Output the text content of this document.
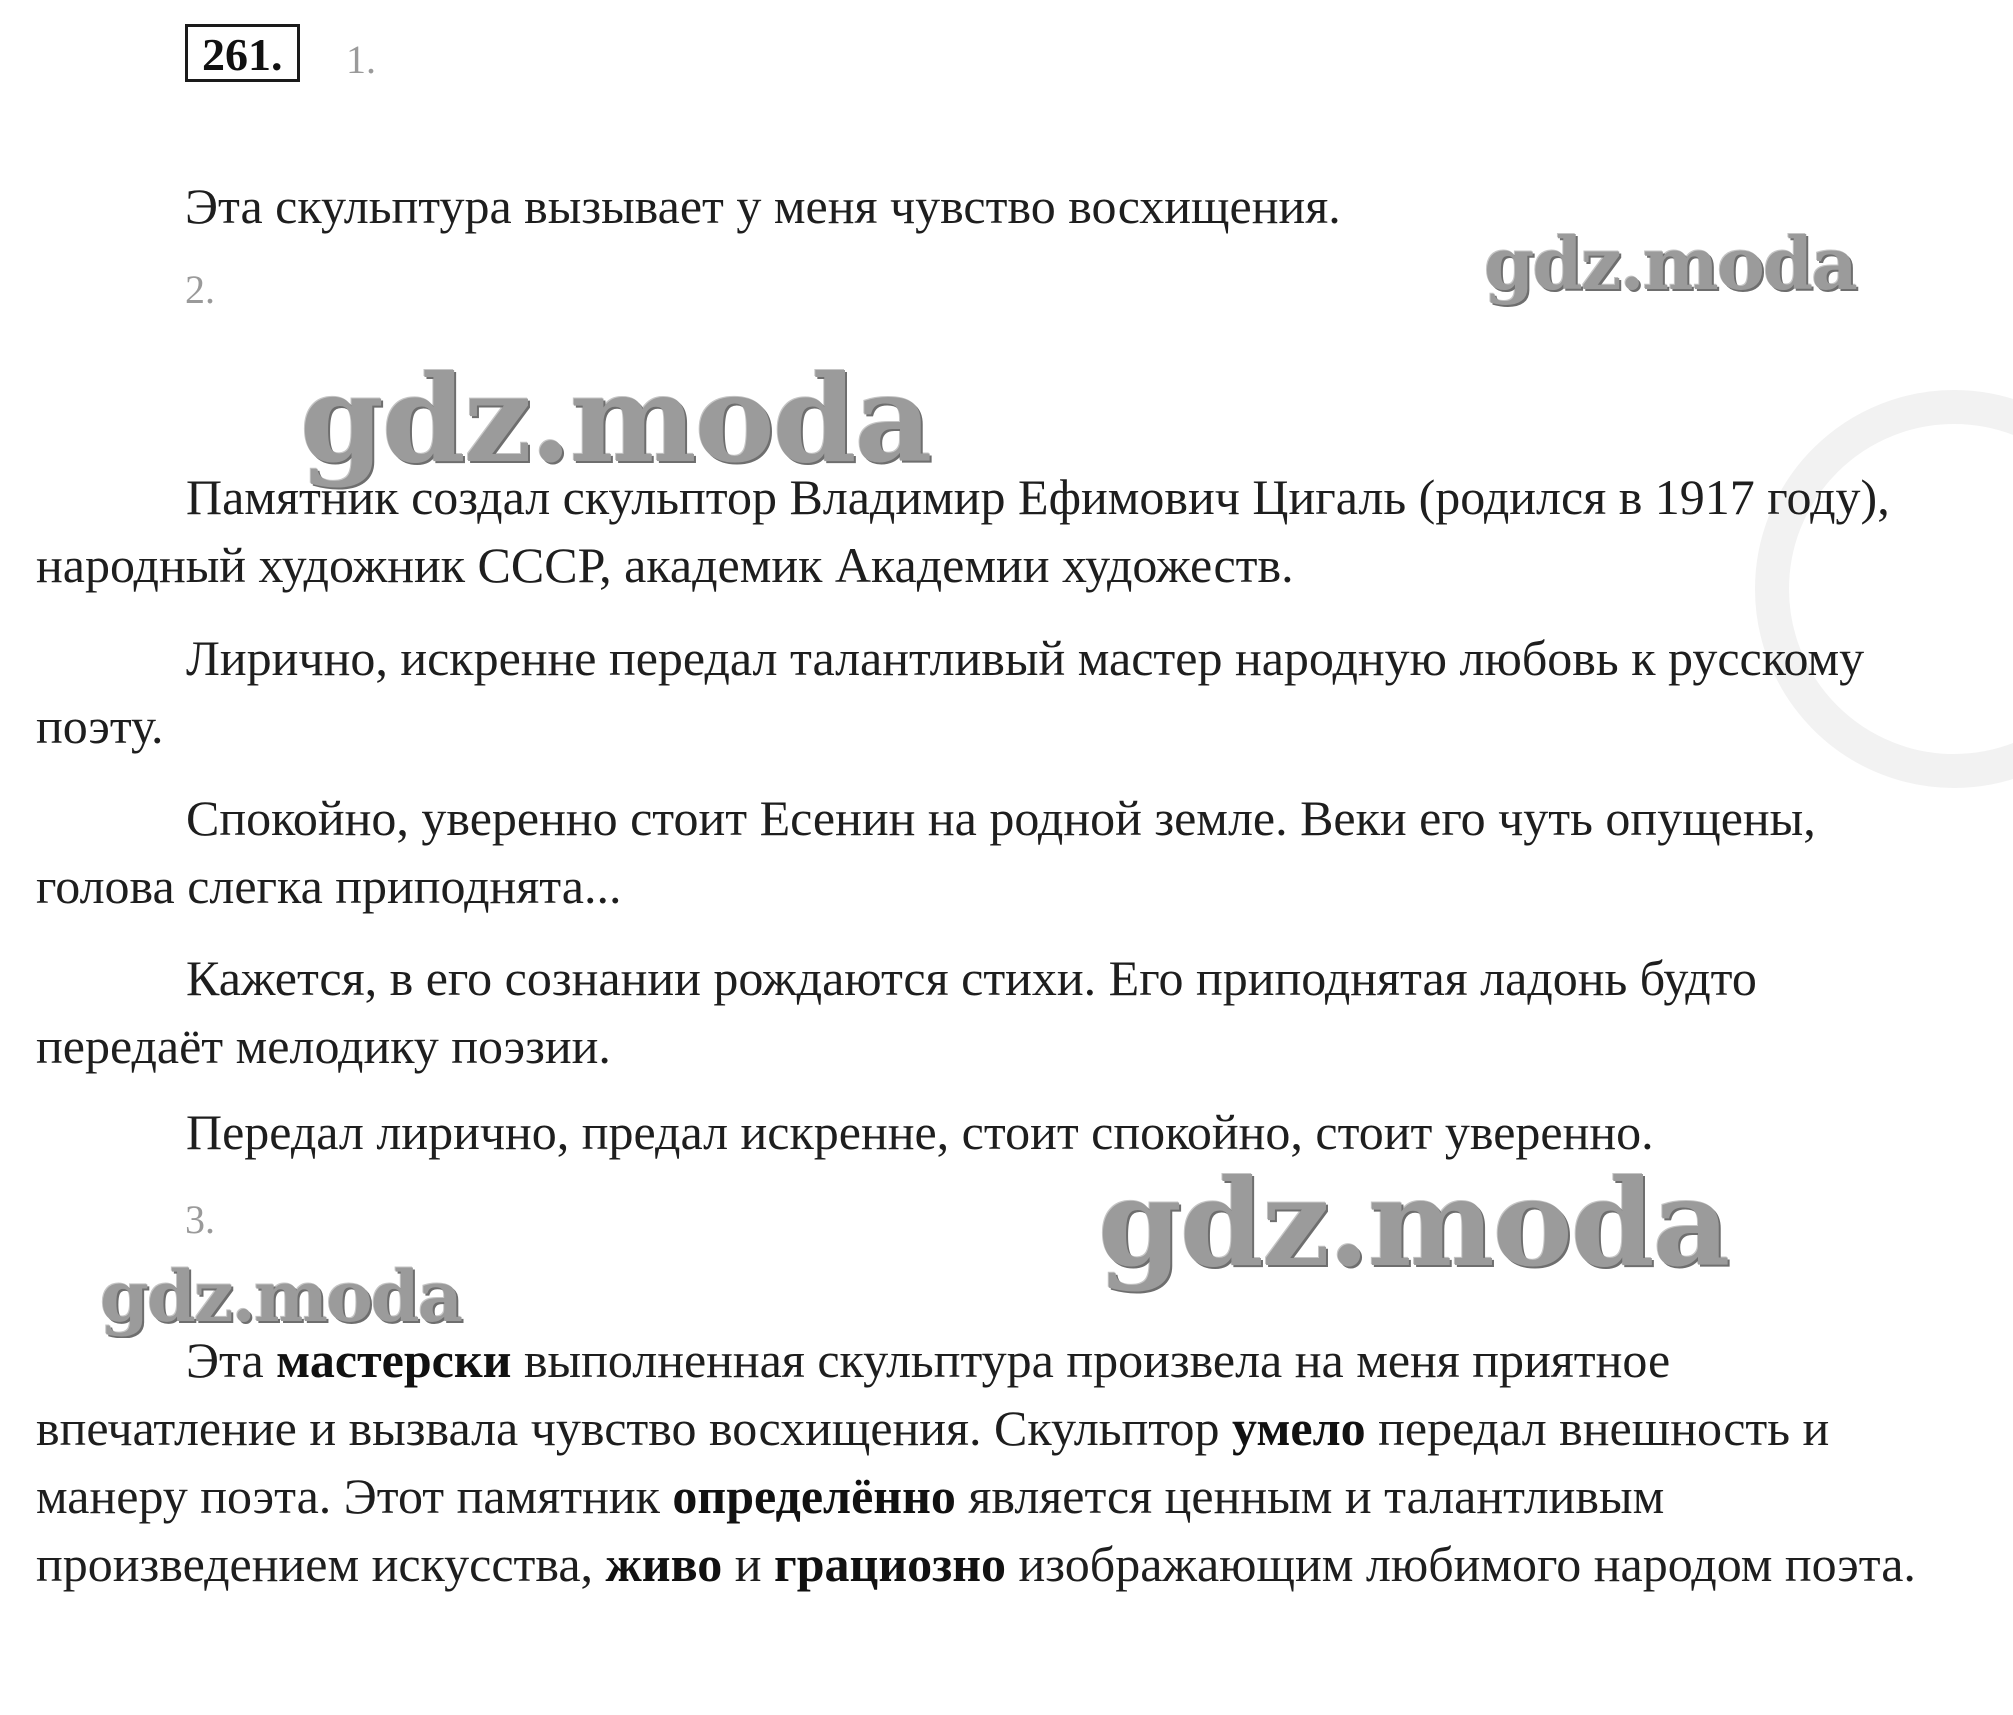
261.	1.

Эта скульптура вызывает у меня чувство восхищения.

2.

Памятник создал скульптор Владимир Ефимович Цигаль (родился в 1917 году), народный художник СССР, академик Академии художеств.

Лирично, искренне передал талантливый мастер народную любовь к русскому поэту.

Спокойно, уверенно стоит Есенин на родной земле. Веки его чуть опущены, голова слегка приподнята...

Кажется, в его сознании рождаются стихи. Его приподнятая ладонь будто передаёт мелодику поэзии.

Передал лирично, предал искренне, стоит спокойно, стоит уверенно.

3.

Эта мастерски выполненная скульптура произвела на меня приятное впечатление и вызвала чувство восхищения. Скульптор умело передал внешность и манеру поэта. Этот памятник определённо является ценным и талантливым произведением искусства, живо и грациозно изображающим любимого народом поэта.

gdz.moda
gdz.moda
gdz.moda
gdz.moda
